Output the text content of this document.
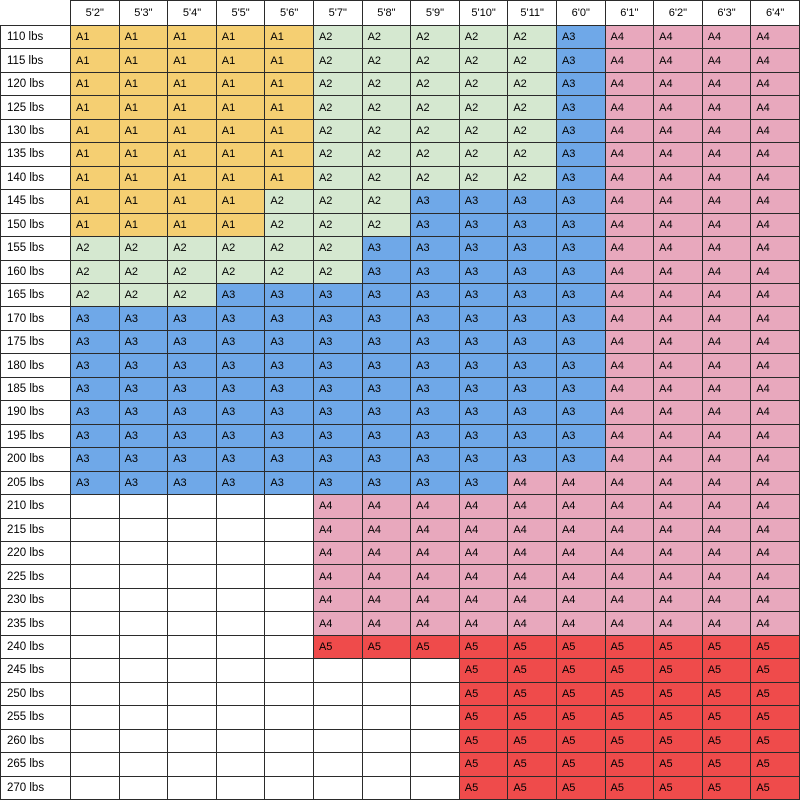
	5'2"	5'3"	5'4"	5'5"	5'6"	5'7"	5'8"	5'9"	5'10"	5'11"	6'0"	6'1"	6'2"	6'3"	6'4"
110 lbs	A1	A1	A1	A1	A1	A2	A2	A2	A2	A2	A3	A4	A4	A4	A4
115 lbs	A1	A1	A1	A1	A1	A2	A2	A2	A2	A2	A3	A4	A4	A4	A4
120 lbs	A1	A1	A1	A1	A1	A2	A2	A2	A2	A2	A3	A4	A4	A4	A4
125 lbs	A1	A1	A1	A1	A1	A2	A2	A2	A2	A2	A3	A4	A4	A4	A4
130 lbs	A1	A1	A1	A1	A1	A2	A2	A2	A2	A2	A3	A4	A4	A4	A4
135 lbs	A1	A1	A1	A1	A1	A2	A2	A2	A2	A2	A3	A4	A4	A4	A4
140 lbs	A1	A1	A1	A1	A1	A2	A2	A2	A2	A2	A3	A4	A4	A4	A4
145 lbs	A1	A1	A1	A1	A2	A2	A2	A3	A3	A3	A3	A4	A4	A4	A4
150 lbs	A1	A1	A1	A1	A2	A2	A2	A3	A3	A3	A3	A4	A4	A4	A4
155 lbs	A2	A2	A2	A2	A2	A2	A3	A3	A3	A3	A3	A4	A4	A4	A4
160 lbs	A2	A2	A2	A2	A2	A2	A3	A3	A3	A3	A3	A4	A4	A4	A4
165 lbs	A2	A2	A2	A3	A3	A3	A3	A3	A3	A3	A3	A4	A4	A4	A4
170 lbs	A3	A3	A3	A3	A3	A3	A3	A3	A3	A3	A3	A4	A4	A4	A4
175 lbs	A3	A3	A3	A3	A3	A3	A3	A3	A3	A3	A3	A4	A4	A4	A4
180 lbs	A3	A3	A3	A3	A3	A3	A3	A3	A3	A3	A3	A4	A4	A4	A4
185 lbs	A3	A3	A3	A3	A3	A3	A3	A3	A3	A3	A3	A4	A4	A4	A4
190 lbs	A3	A3	A3	A3	A3	A3	A3	A3	A3	A3	A3	A4	A4	A4	A4
195 lbs	A3	A3	A3	A3	A3	A3	A3	A3	A3	A3	A3	A4	A4	A4	A4
200 lbs	A3	A3	A3	A3	A3	A3	A3	A3	A3	A3	A3	A4	A4	A4	A4
205 lbs	A3	A3	A3	A3	A3	A3	A3	A3	A3	A4	A4	A4	A4	A4	A4
210 lbs						A4	A4	A4	A4	A4	A4	A4	A4	A4	A4
215 lbs						A4	A4	A4	A4	A4	A4	A4	A4	A4	A4
220 lbs						A4	A4	A4	A4	A4	A4	A4	A4	A4	A4
225 lbs						A4	A4	A4	A4	A4	A4	A4	A4	A4	A4
230 lbs						A4	A4	A4	A4	A4	A4	A4	A4	A4	A4
235 lbs						A4	A4	A4	A4	A4	A4	A4	A4	A4	A4
240 lbs						A5	A5	A5	A5	A5	A5	A5	A5	A5	A5
245 lbs									A5	A5	A5	A5	A5	A5	A5
250 lbs									A5	A5	A5	A5	A5	A5	A5
255 lbs									A5	A5	A5	A5	A5	A5	A5
260 lbs									A5	A5	A5	A5	A5	A5	A5
265 lbs									A5	A5	A5	A5	A5	A5	A5
270 lbs									A5	A5	A5	A5	A5	A5	A5
